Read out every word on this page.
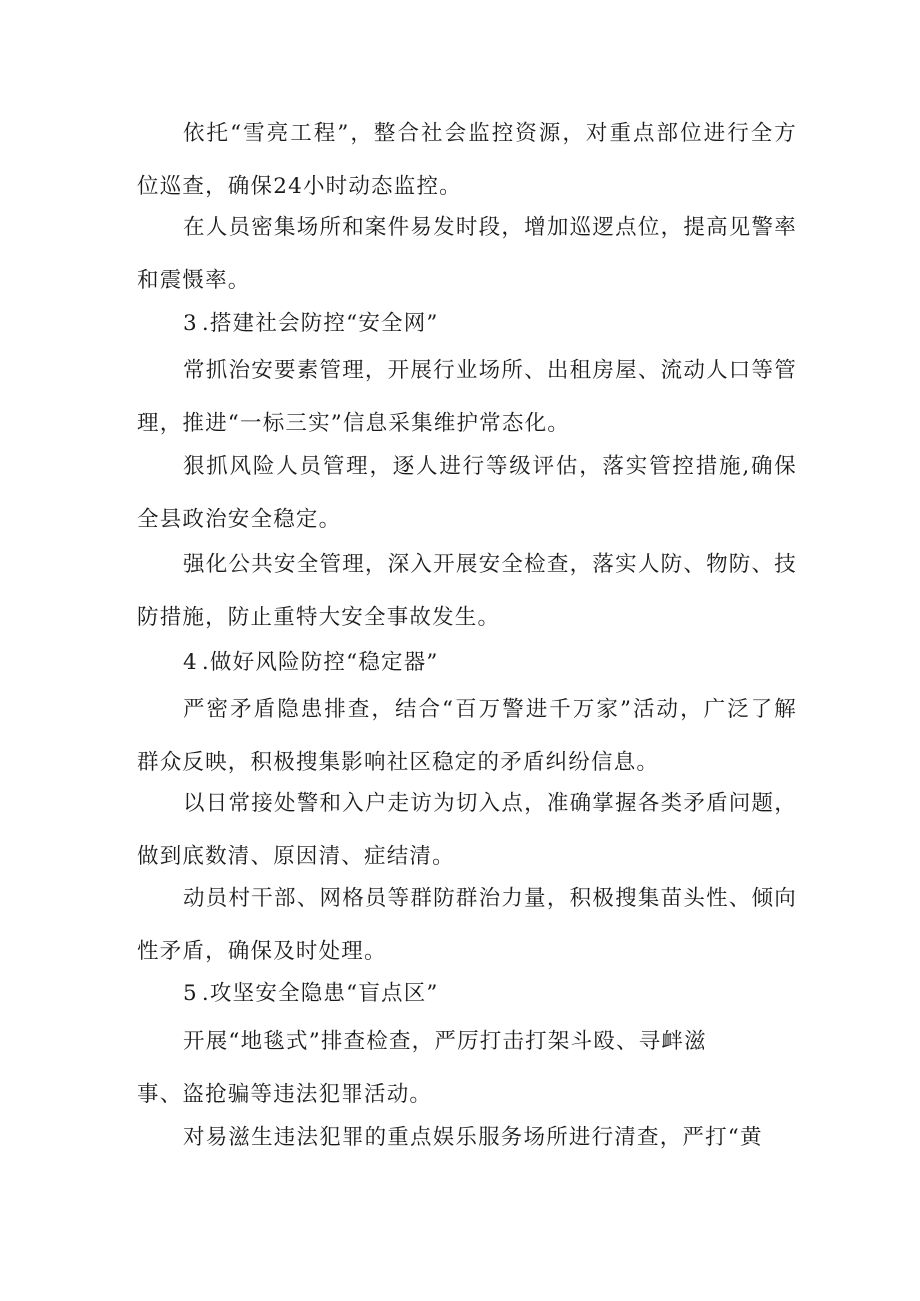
依托“雪亮工程”，整合社会监控资源，对重点部位进行全方位巡查，确保24小时动态监控。

在人员密集场所和案件易发时段，增加巡逻点位，提高见警率和震慑率。

3 .搭建社会防控“安全网”

常抓治安要素管理，开展行业场所、出租房屋、流动人口等管理，推进“一标三实”信息采集维护常态化。

狠抓风险人员管理，逐人进行等级评估，落实管控措施,确保全县政治安全稳定。

强化公共安全管理，深入开展安全检查，落实人防、物防、技防措施，防止重特大安全事故发生。

4 .做好风险防控“稳定器”

严密矛盾隐患排查，结合“百万警进千万家”活动，广泛了解群众反映，积极搜集影响社区稳定的矛盾纠纷信息。

以日常接处警和入户走访为切入点，准确掌握各类矛盾问题，做到底数清、原因清、症结清。

动员村干部、网格员等群防群治力量，积极搜集苗头性、倾向性矛盾，确保及时处理。

5 .攻坚安全隐患“盲点区”

开展“地毯式”排查检查，严厉打击打架斗殴、寻衅滋
事、盗抢骗等违法犯罪活动。

对易滋生违法犯罪的重点娱乐服务场所进行清查，严打“黄
